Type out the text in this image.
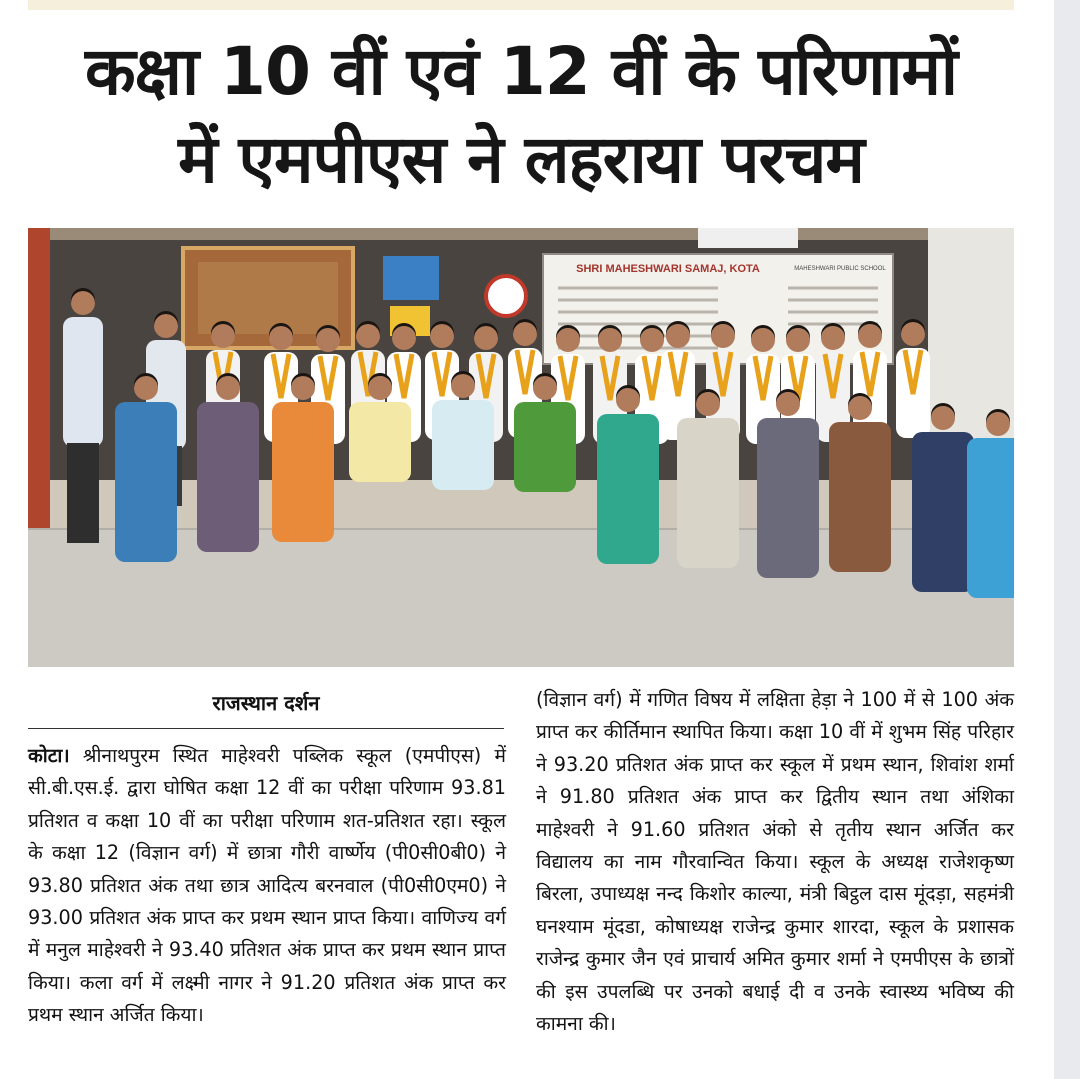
कक्षा 10 वीं एवं 12 वीं के परिणामों
में एमपीएस ने लहराया परचम
SHRI MAHESHWARI SAMAJ, KOTA	MAHESHWARI PUBLIC SCHOOL
राजस्थान दर्शन

कोटा। श्रीनाथपुरम स्थित माहेश्वरी पब्लिक स्कूल (एमपीएस) में सी.बी.एस.ई. द्वारा घोषित कक्षा 12 वीं का परीक्षा परिणाम 93.81 प्रतिशत व कक्षा 10 वीं का परीक्षा परिणाम शत-प्रतिशत रहा। स्कूल के कक्षा 12 (विज्ञान वर्ग) में छात्रा गौरी वार्ष्णेय (पी0सी0बी0) ने 93.80 प्रतिशत अंक तथा छात्र आदित्य बरनवाल (पी0सी0एम0) ने 93.00 प्रतिशत अंक प्राप्त कर प्रथम स्थान प्राप्त किया। वाणिज्य वर्ग में मनुल माहेश्वरी ने 93.40 प्रतिशत अंक प्राप्त कर प्रथम स्थान प्राप्त किया। कला वर्ग में लक्ष्मी नागर ने 91.20 प्रतिशत अंक प्राप्त कर प्रथम स्थान अर्जित किया।

(विज्ञान वर्ग) में गणित विषय में लक्षिता हेड़ा ने 100 में से 100 अंक प्राप्त कर कीर्तिमान स्थापित किया। कक्षा 10 वीं में शुभम सिंह परिहार ने 93.20 प्रतिशत अंक प्राप्त कर स्कूल में प्रथम स्थान, शिवांश शर्मा ने 91.80 प्रतिशत अंक प्राप्त कर द्वितीय स्थान तथा अंशिका माहेश्वरी ने 91.60 प्रतिशत अंको से तृतीय स्थान अर्जित कर विद्यालय का नाम गौरवान्वित किया। स्कूल के अध्यक्ष राजेशकृष्ण बिरला, उपाध्यक्ष नन्द किशोर काल्या, मंत्री बिट्ठल दास मूंदड़ा, सहमंत्री घनश्याम मूंदडा, कोषाध्यक्ष राजेन्द्र कुमार शारदा, स्कूल के प्रशासक राजेन्द्र कुमार जैन एवं प्राचार्य अमित कुमार शर्मा ने एमपीएस के छात्रों की इस उपलब्धि पर उनको बधाई दी व उनके स्वास्थ्य भविष्य की कामना की।
